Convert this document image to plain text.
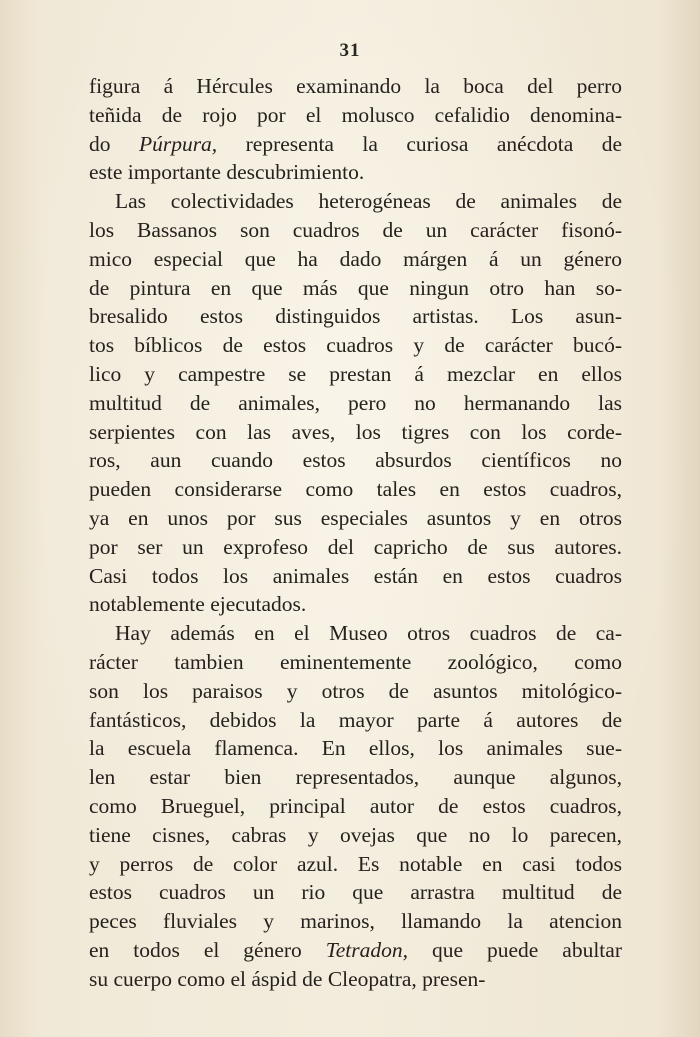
31
figura á Hércules examinando la boca del perro
teñida de rojo por el molusco cefalidio denomina-
do Púrpura, representa la curiosa anécdota de
este importante descubrimiento.
Las colectividades heterogéneas de animales de
los Bassanos son cuadros de un carácter fisonó-
mico especial que ha dado márgen á un género
de pintura en que más que ningun otro han so-
bresalido estos distinguidos artistas. Los asun-
tos bíblicos de estos cuadros y de carácter bucó-
lico y campestre se prestan á mezclar en ellos
multitud de animales, pero no hermanando las
serpientes con las aves, los tigres con los corde-
ros, aun cuando estos absurdos científicos no
pueden considerarse como tales en estos cuadros,
ya en unos por sus especiales asuntos y en otros
por ser un exprofeso del capricho de sus autores.
Casi todos los animales están en estos cuadros
notablemente ejecutados.
Hay además en el Museo otros cuadros de ca-
rácter tambien eminentemente zoológico, como
son los paraisos y otros de asuntos mitológico-
fantásticos, debidos la mayor parte á autores de
la escuela flamenca. En ellos, los animales sue-
len estar bien representados, aunque algunos,
como Brueguel, principal autor de estos cuadros,
tiene cisnes, cabras y ovejas que no lo parecen,
y perros de color azul. Es notable en casi todos
estos cuadros un rio que arrastra multitud de
peces fluviales y marinos, llamando la atencion
en todos el género Tetradon, que puede abultar
su cuerpo como el áspid de Cleopatra, presen-
